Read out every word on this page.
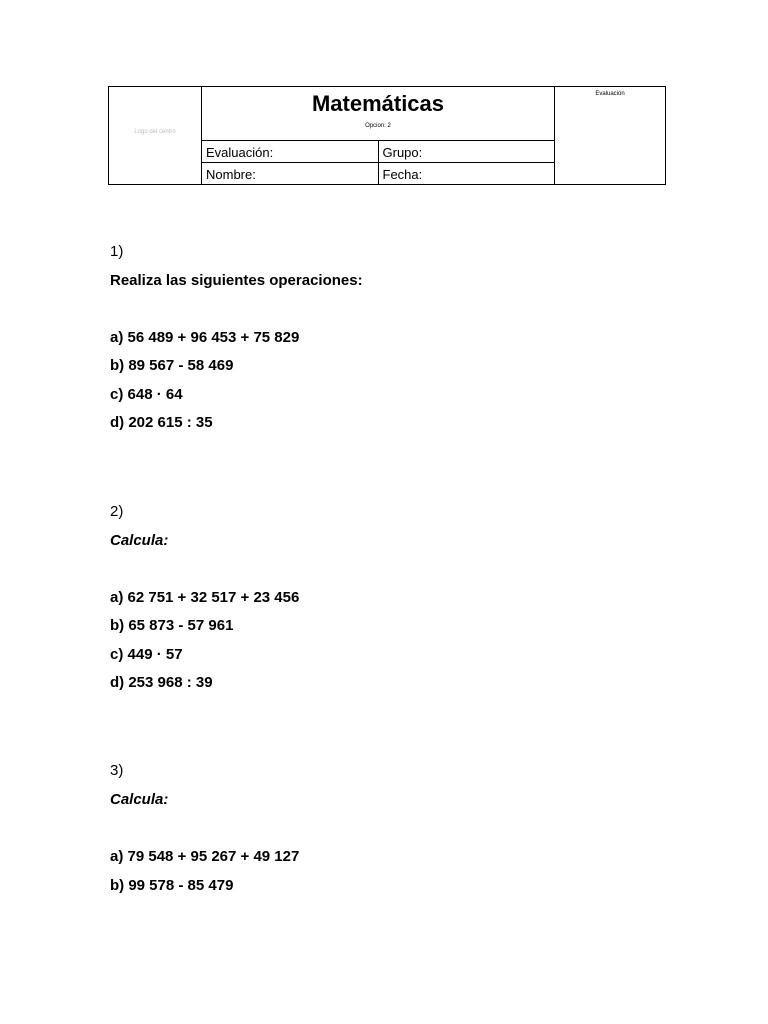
Logo del centro	Matemáticas
Opcion: 2		Evaluación

	Evaluación:	Grupo:	
	Nombre:	Fecha:	
1)
Realiza las siguientes operaciones:
a) 56 489 + 96 453 + 75 829
b) 89 567 - 58 469
c) 648 · 64
d) 202 615 : 35
2)
Calcula:
a) 62 751 + 32 517 + 23 456
b) 65 873 - 57 961
c) 449 · 57
d) 253 968 : 39
3)
Calcula:
a) 79 548 + 95 267 + 49 127
b) 99 578 - 85 479
